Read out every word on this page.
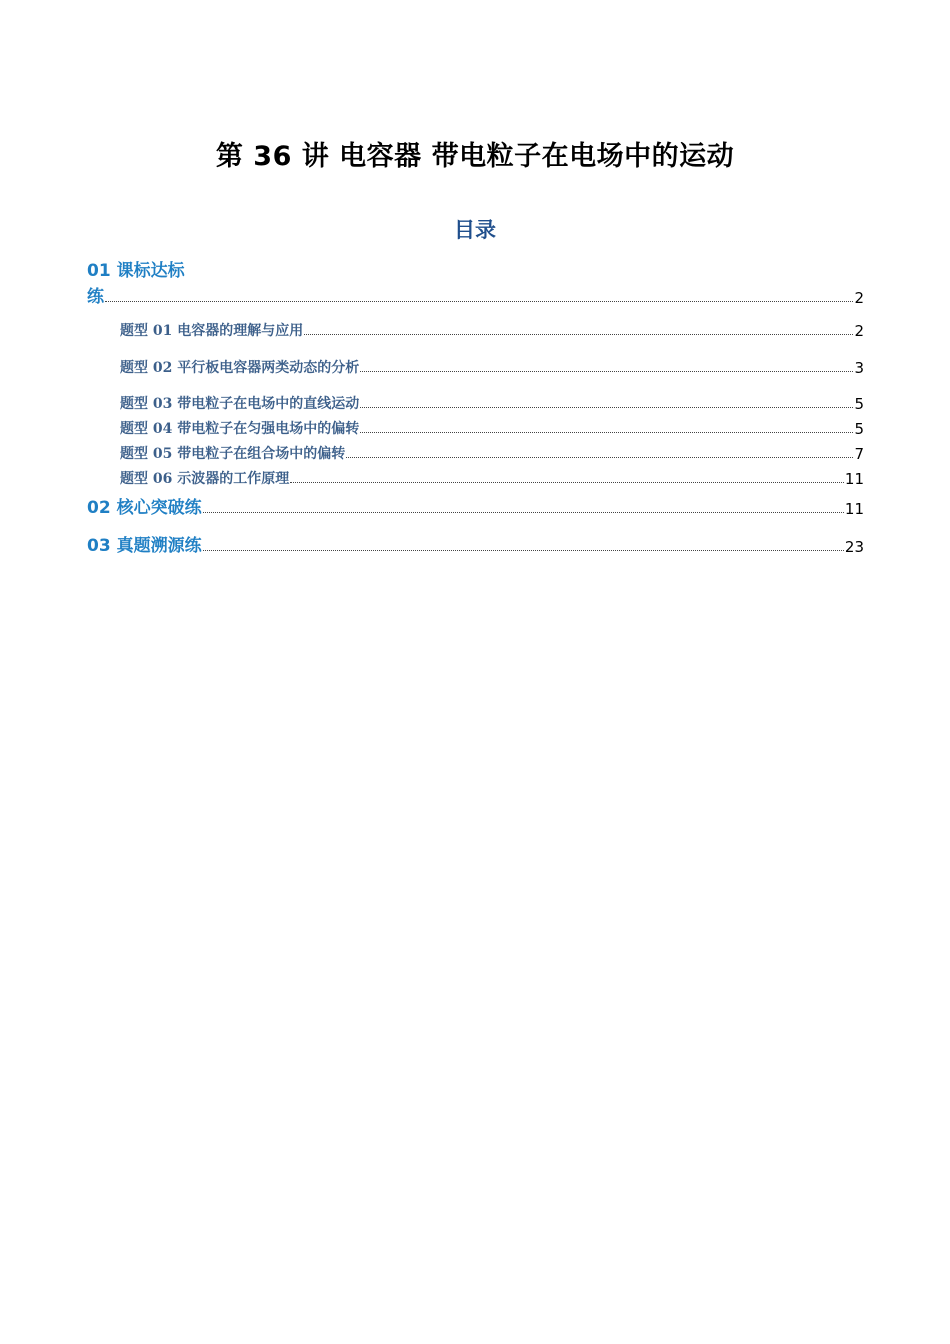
第 36 讲 电容器 带电粒子在电场中的运动
目录
01 课标达标
练	2
题型 01 电容器的理解与应用	2
题型 02 平行板电容器两类动态的分析	3
题型 03 带电粒子在电场中的直线运动	5
题型 04 带电粒子在匀强电场中的偏转	5
题型 05 带电粒子在组合场中的偏转	7
题型 06 示波器的工作原理	11
02 核心突破练	11
03 真题溯源练	23
